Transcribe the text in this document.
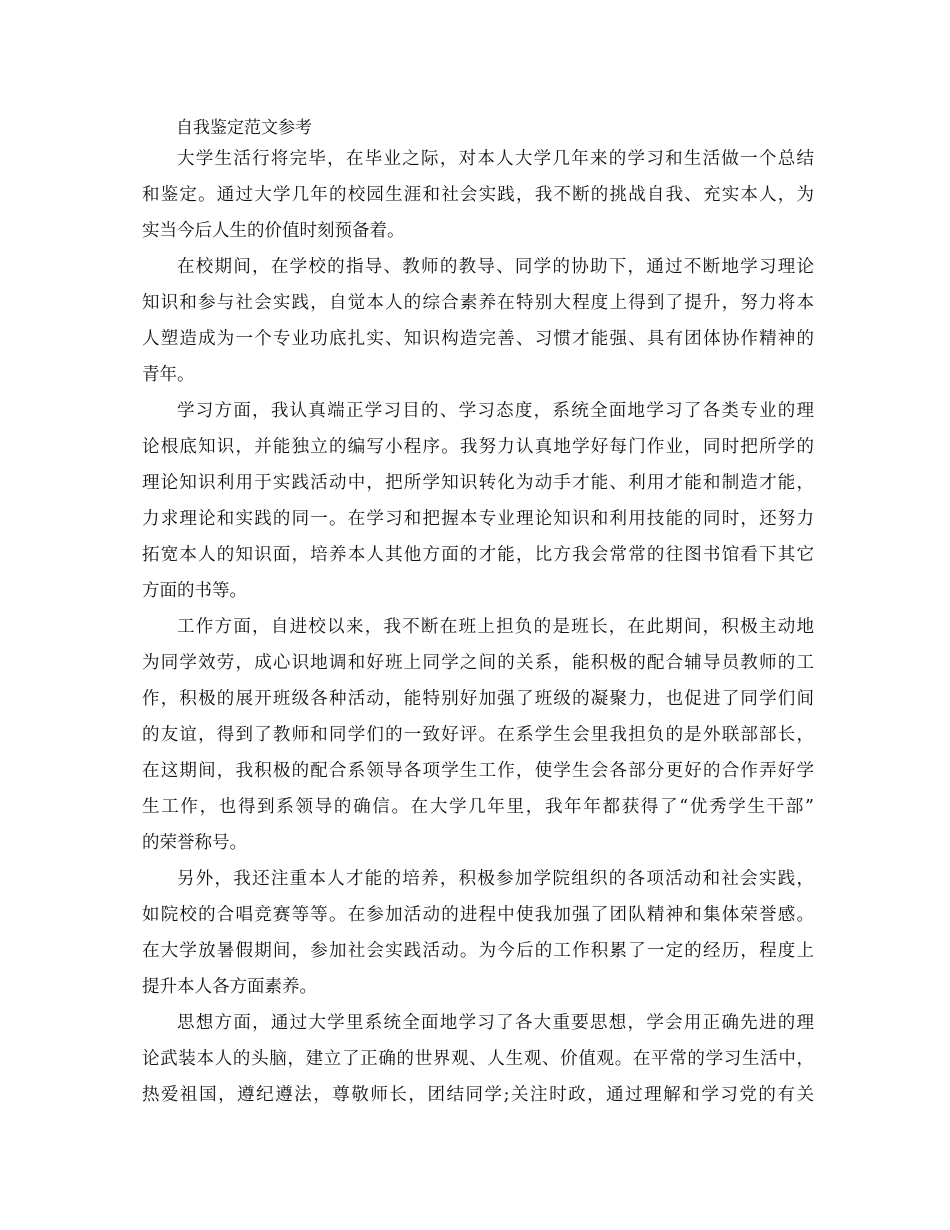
自我鉴定范文参考
大学生活行将完毕，在毕业之际，对本人大学几年来的学习和生活做一个总结
和鉴定。通过大学几年的校园生涯和社会实践，我不断的挑战自我、充实本人，为
实当今后人生的价值时刻预备着。
在校期间，在学校的指导、教师的教导、同学的协助下，通过不断地学习理论
知识和参与社会实践，自觉本人的综合素养在特别大程度上得到了提升，努力将本
人塑造成为一个专业功底扎实、知识构造完善、习惯才能强、具有团体协作精神的
青年。
学习方面，我认真端正学习目的、学习态度，系统全面地学习了各类专业的理
论根底知识，并能独立的编写小程序。我努力认真地学好每门作业，同时把所学的
理论知识利用于实践活动中，把所学知识转化为动手才能、利用才能和制造才能，
力求理论和实践的同一。在学习和把握本专业理论知识和利用技能的同时，还努力
拓宽本人的知识面，培养本人其他方面的才能，比方我会常常的往图书馆看下其它
方面的书等。
工作方面，自进校以来，我不断在班上担负的是班长，在此期间，积极主动地
为同学效劳，成心识地调和好班上同学之间的关系，能积极的配合辅导员教师的工
作，积极的展开班级各种活动，能特别好加强了班级的凝聚力，也促进了同学们间
的友谊，得到了教师和同学们的一致好评。在系学生会里我担负的是外联部部长，
在这期间，我积极的配合系领导各项学生工作，使学生会各部分更好的合作弄好学
生工作，也得到系领导的确信。在大学几年里，我年年都获得了“优秀学生干部”
的荣誉称号。
另外，我还注重本人才能的培养，积极参加学院组织的各项活动和社会实践，
如院校的合唱竞赛等等。在参加活动的进程中使我加强了团队精神和集体荣誉感。
在大学放暑假期间，参加社会实践活动。为今后的工作积累了一定的经历，程度上
提升本人各方面素养。
思想方面，通过大学里系统全面地学习了各大重要思想，学会用正确先进的理
论武装本人的头脑，建立了正确的世界观、人生观、价值观。在平常的学习生活中，
热爱祖国，遵纪遵法，尊敬师长，团结同学;关注时政，通过理解和学习党的有关
